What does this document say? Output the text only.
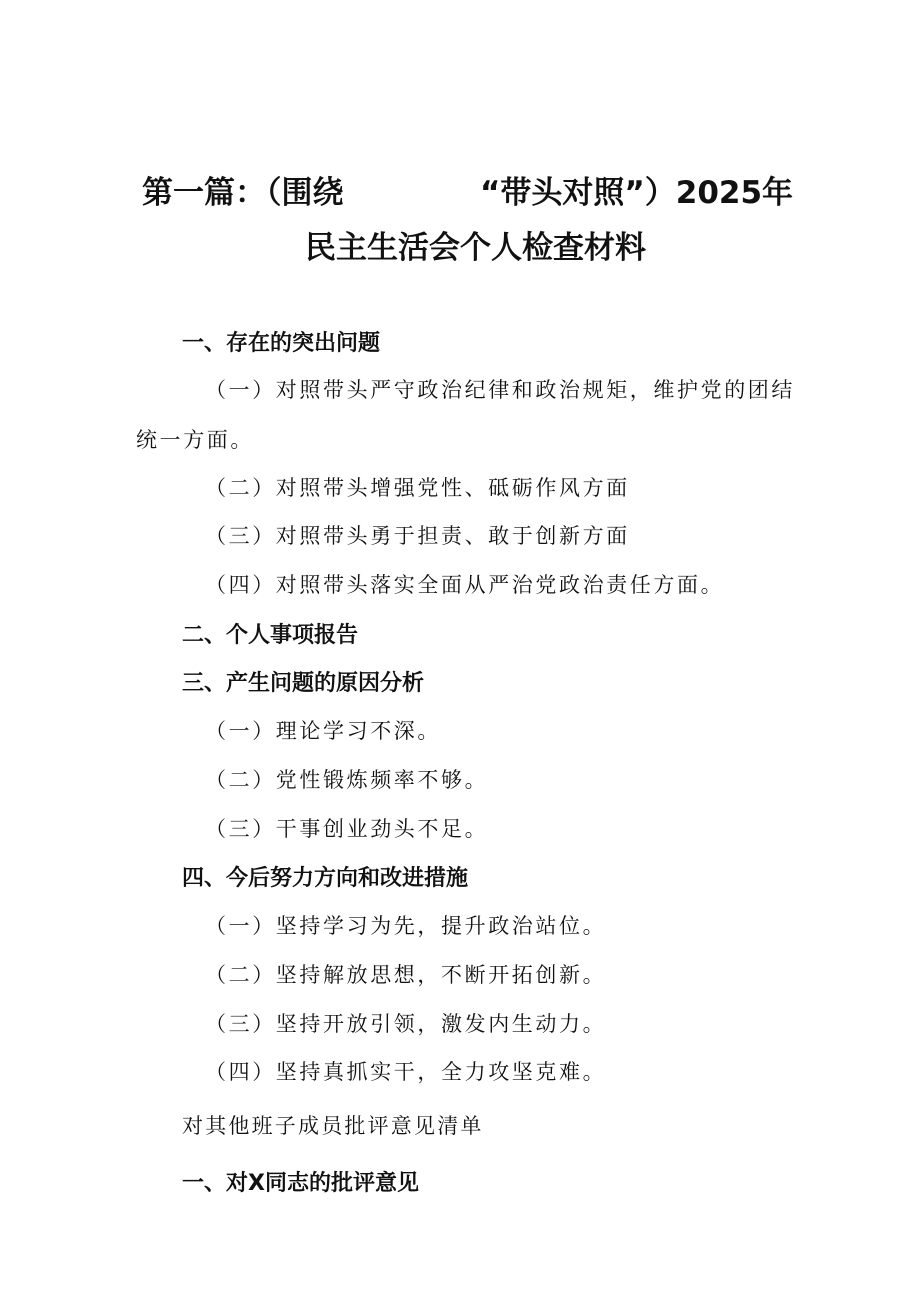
第一篇：（围绕	“带头对照”）2025年
民主生活会个人检查材料
一、存在的突出问题
（一）对照带头严守政治纪律和政治规矩，维护党的团结
统一方面。
（二）对照带头增强党性、砥砺作风方面
（三）对照带头勇于担责、敢于创新方面
（四）对照带头落实全面从严治党政治责任方面。
二、个人事项报告
三、产生问题的原因分析
（一）理论学习不深。
（二）党性锻炼频率不够。
（三）干事创业劲头不足。
四、今后努力方向和改进措施
（一）坚持学习为先，提升政治站位。
（二）坚持解放思想，不断开拓创新。
（三）坚持开放引领，激发内生动力。
（四）坚持真抓实干，全力攻坚克难。
对其他班子成员批评意见清单
一、对X同志的批评意见
